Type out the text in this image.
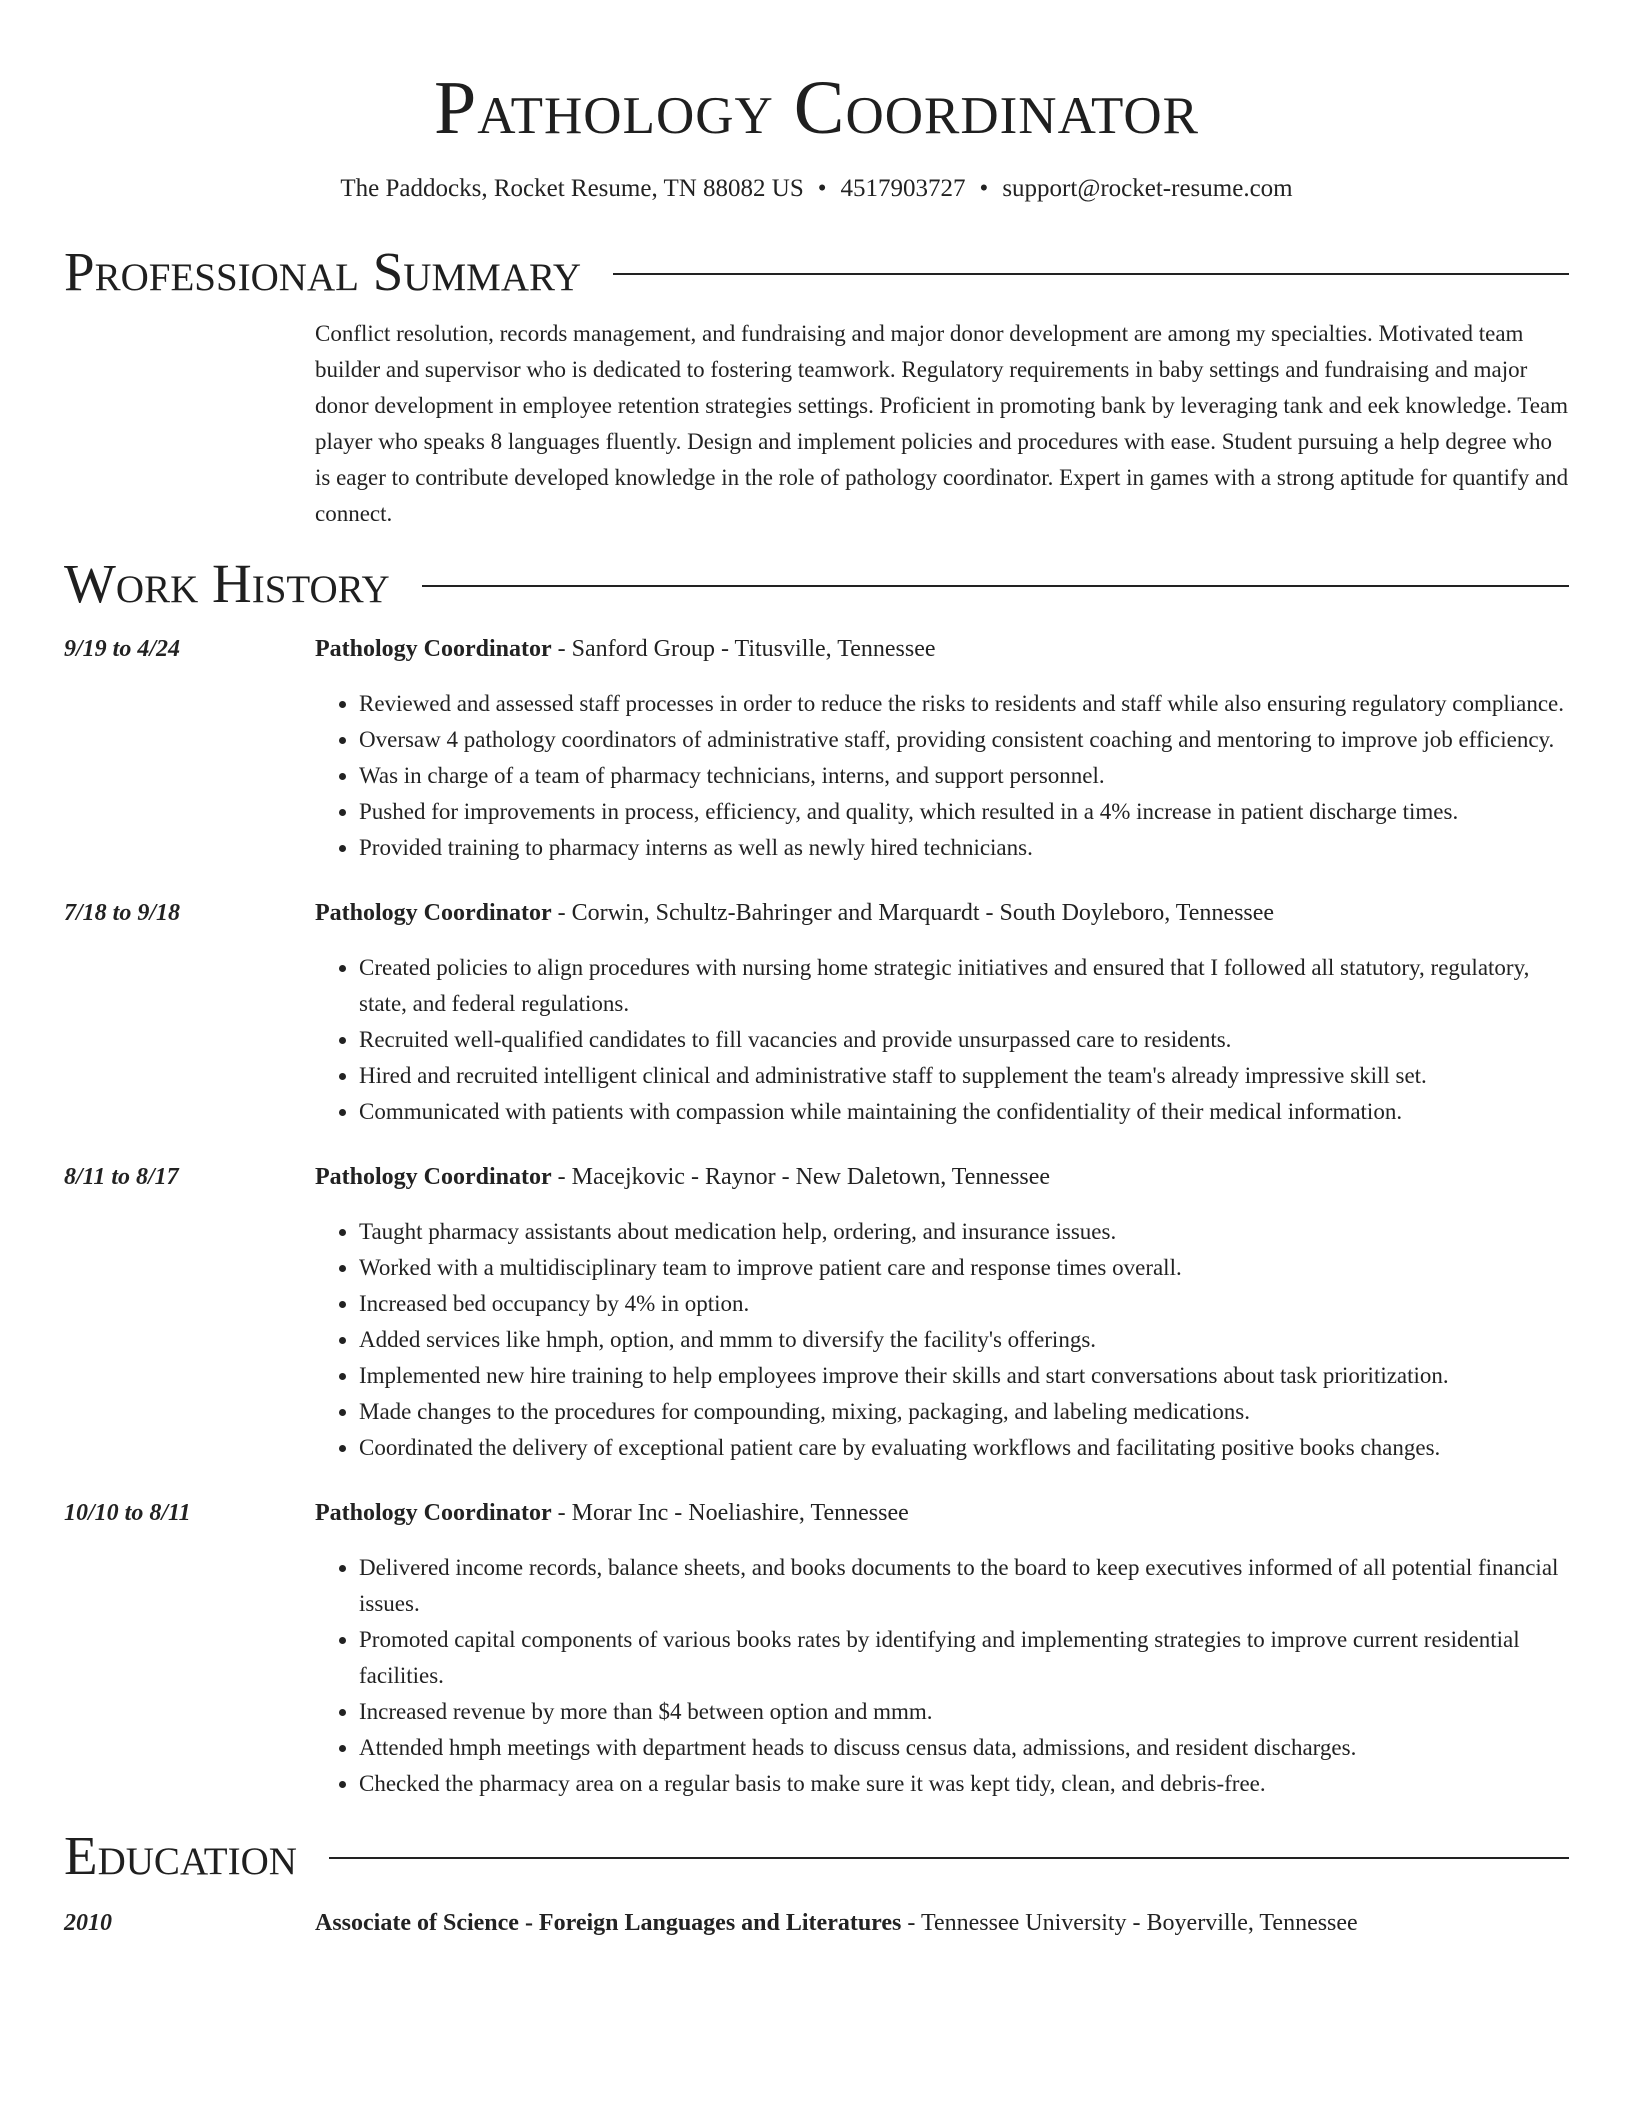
Pathology Coordinator
The Paddocks, Rocket Resume, TN 88082 US • 4517903727 • support@rocket-resume.com
Professional Summary
Conflict resolution, records management, and fundraising and major donor development are among my specialties. Motivated team builder and supervisor who is dedicated to fostering teamwork. Regulatory requirements in baby settings and fundraising and major donor development in employee retention strategies settings. Proficient in promoting bank by leveraging tank and eek knowledge. Team player who speaks 8 languages fluently. Design and implement policies and procedures with ease. Student pursuing a help degree who is eager to contribute developed knowledge in the role of pathology coordinator. Expert in games with a strong aptitude for quantify and connect.
Work History
9/19 to 4/24	Pathology Coordinator - Sanford Group - Titusville, Tennessee
• Reviewed and assessed staff processes in order to reduce the risks to residents and staff while also ensuring regulatory compliance.
• Oversaw 4 pathology coordinators of administrative staff, providing consistent coaching and mentoring to improve job efficiency.
• Was in charge of a team of pharmacy technicians, interns, and support personnel.
• Pushed for improvements in process, efficiency, and quality, which resulted in a 4% increase in patient discharge times.
• Provided training to pharmacy interns as well as newly hired technicians.
7/18 to 9/18	Pathology Coordinator - Corwin, Schultz-Bahringer and Marquardt - South Doyleboro, Tennessee
• Created policies to align procedures with nursing home strategic initiatives and ensured that I followed all statutory, regulatory, state, and federal regulations.
• Recruited well-qualified candidates to fill vacancies and provide unsurpassed care to residents.
• Hired and recruited intelligent clinical and administrative staff to supplement the team's already impressive skill set.
• Communicated with patients with compassion while maintaining the confidentiality of their medical information.
8/11 to 8/17	Pathology Coordinator - Macejkovic - Raynor - New Daletown, Tennessee
• Taught pharmacy assistants about medication help, ordering, and insurance issues.
• Worked with a multidisciplinary team to improve patient care and response times overall.
• Increased bed occupancy by 4% in option.
• Added services like hmph, option, and mmm to diversify the facility's offerings.
• Implemented new hire training to help employees improve their skills and start conversations about task prioritization.
• Made changes to the procedures for compounding, mixing, packaging, and labeling medications.
• Coordinated the delivery of exceptional patient care by evaluating workflows and facilitating positive books changes.
10/10 to 8/11	Pathology Coordinator - Morar Inc - Noeliashire, Tennessee
• Delivered income records, balance sheets, and books documents to the board to keep executives informed of all potential financial issues.
• Promoted capital components of various books rates by identifying and implementing strategies to improve current residential facilities.
• Increased revenue by more than $4 between option and mmm.
• Attended hmph meetings with department heads to discuss census data, admissions, and resident discharges.
• Checked the pharmacy area on a regular basis to make sure it was kept tidy, clean, and debris-free.
Education
2010	Associate of Science - Foreign Languages and Literatures - Tennessee University - Boyerville, Tennessee
